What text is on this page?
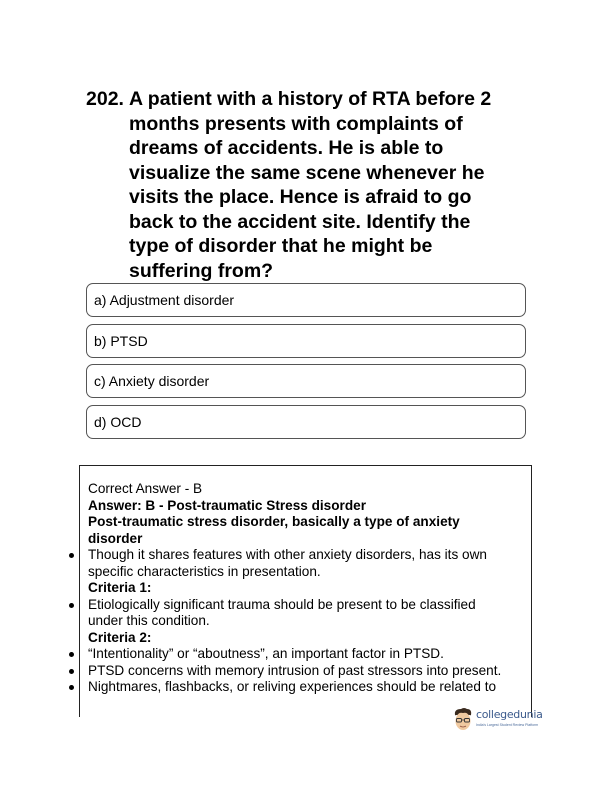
202. A patient with a history of RTA before 2
months presents with complaints of
dreams of accidents. He is able to
visualize the same scene whenever he
visits the place. Hence is afraid to go
back to the accident site. Identify the
type of disorder that he might be
suffering from?
a) Adjustment disorder
b) PTSD
c) Anxiety disorder
d) OCD
Correct Answer - B
Answer: B - Post-traumatic Stress disorder
Post-traumatic stress disorder, basically a type of anxiety
disorder
Though it shares features with other anxiety disorders, has its own
specific characteristics in presentation.
Criteria 1:
Etiologically significant trauma should be present to be classified
under this condition.
Criteria 2:
“Intentionality” or “aboutness”, an important factor in PTSD.
PTSD concerns with memory intrusion of past stressors into present.
Nightmares, flashbacks, or reliving experiences should be related to
collegedunia
India's Largest Student Review Platform
